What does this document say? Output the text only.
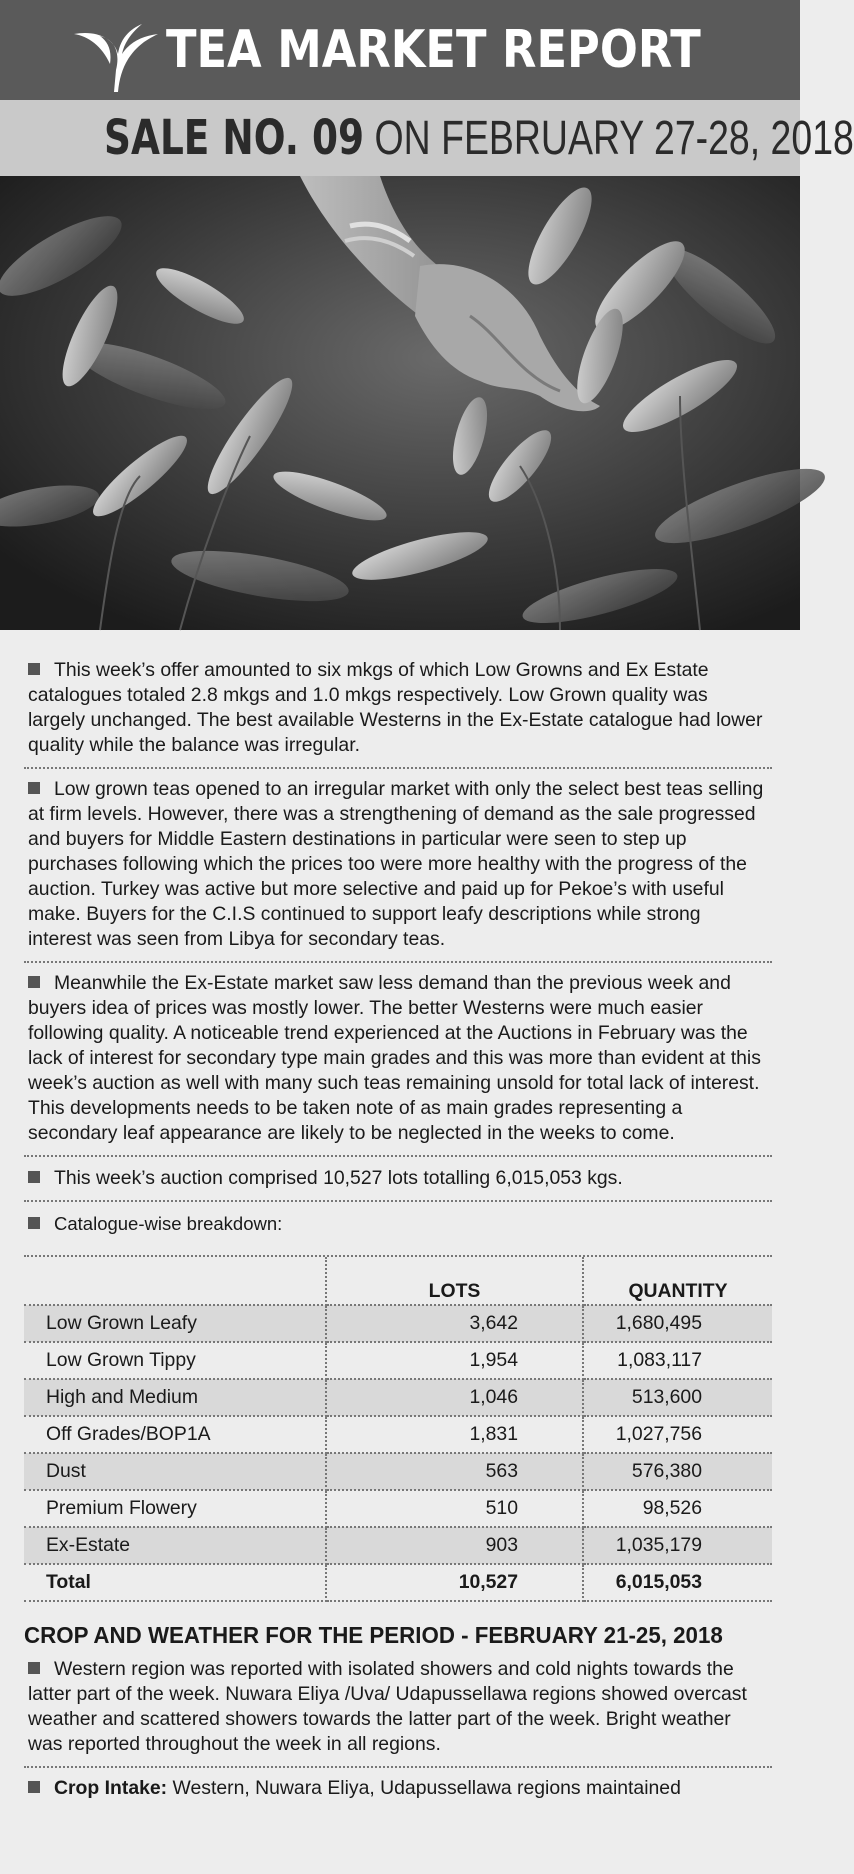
TEA MARKET REPORT
SALE NO. 09 ON FEBRUARY 27-28, 2018

This week’s offer amounted to six mkgs of which Low Growns and Ex Estate catalogues totaled 2.8 mkgs and 1.0 mkgs respectively. Low Grown quality was largely unchanged. The best available Westerns in the Ex-Estate catalogue had lower quality while the balance was irregular.

Low grown teas opened to an irregular market with only the select best teas selling at firm levels. However, there was a strengthening of demand as the sale progressed and buyers for Middle Eastern destinations in particular were seen to step up purchases following which the prices too were more healthy with the progress of the auction. Turkey was active but more selective and paid up for Pekoe’s with useful make. Buyers for the C.I.S continued to support leafy descriptions while strong interest was seen from Libya for secondary teas.

Meanwhile the Ex-Estate market saw less demand than the previous week and buyers idea of prices was mostly lower. The better Westerns were much easier following quality. A noticeable trend experienced at the Auctions in February was the lack of interest for secondary type main grades and this was more than evident at this week’s auction as well with many such teas remaining unsold for total lack of interest. This developments needs to be taken note of as main grades representing a secondary leaf appearance are likely to be neglected in the weeks to come.

This week’s auction comprised 10,527 lots totalling 6,015,053 kgs.

Catalogue-wise breakdown:

	LOTS	QUANTITY
Low Grown Leafy	3,642	1,680,495
Low Grown Tippy	1,954	1,083,117
High and Medium	1,046	513,600
Off Grades/BOP1A	1,831	1,027,756
Dust	563	576,380
Premium Flowery	510	98,526
Ex-Estate	903	1,035,179
Total	10,527	6,015,053
CROP AND WEATHER FOR THE PERIOD - FEBRUARY 21-25, 2018

Western region was reported with isolated showers and cold nights towards the latter part of the week. Nuwara Eliya /Uva/ Udapussellawa regions showed overcast weather and scattered showers towards the latter part of the week. Bright weather was reported throughout the week in all regions.

Crop Intake: Western, Nuwara Eliya, Udapussellawa regions maintained
